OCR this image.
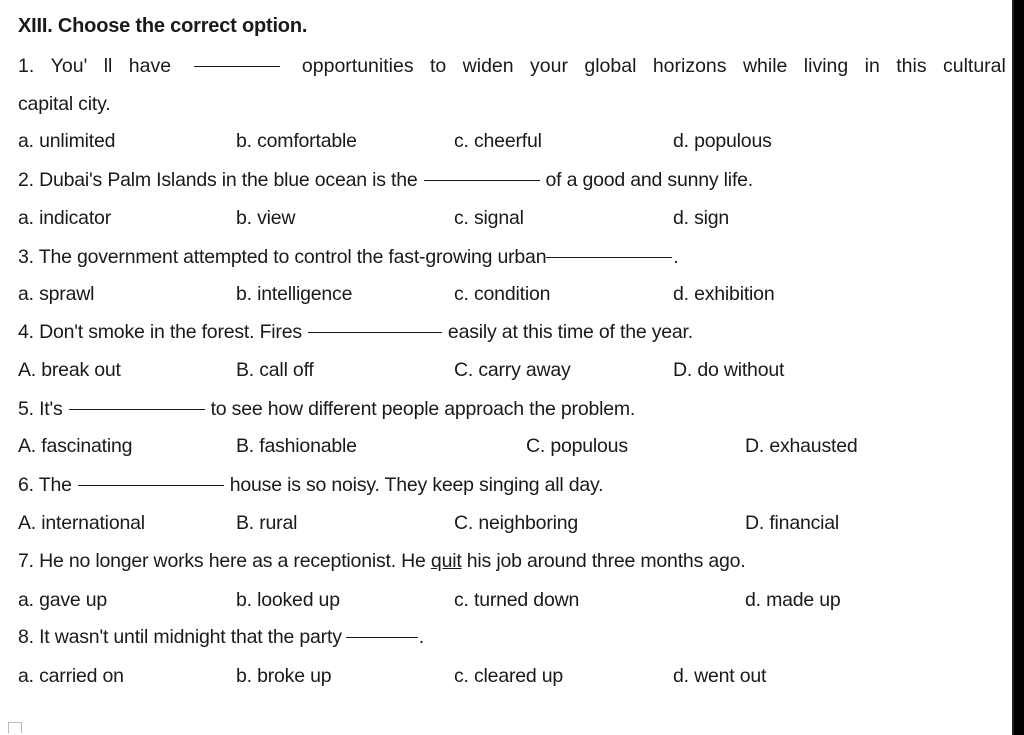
XIII. Choose the correct option.
1. You' ll have	opportunities to widen your global horizons while living in this cultural
capital city.
a. unlimited	b. comfortable	c. cheerful	d. populous
2. Dubai's Palm Islands in the blue ocean is the	of a good and sunny life.
a. indicator	b. view	c. signal	d. sign
3. The government attempted to control the fast-growing urban	.
a. sprawl	b. intelligence	c. condition	d. exhibition
4. Don't smoke in the forest. Fires	easily at this time of the year.
A. break out	B. call off	C. carry away	D. do without
5. It's	to see how different people approach the problem.
A. fascinating	B. fashionable	C. populous	D. exhausted
6. The	house is so noisy. They keep singing all day.
A. international	B. rural	C. neighboring	D. financial
7. He no longer works here as a receptionist. He
quit
his job around three months ago.
a. gave up	b. looked up	c. turned down	d. made up
8. It wasn't until midnight that the party	.
a. carried on	b. broke up	c. cleared up	d. went out
